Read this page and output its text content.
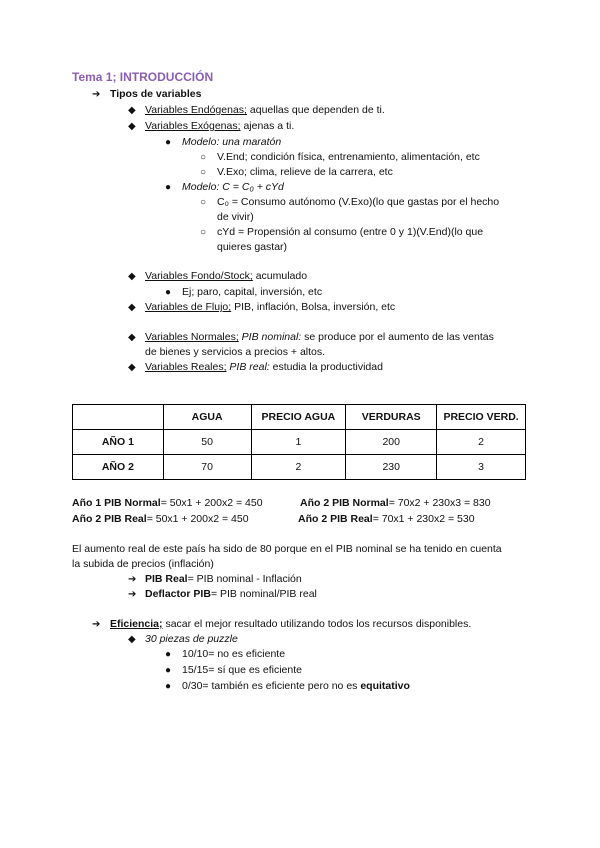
Tema 1; INTRODUCCIÓN
➔ Tipos de variables
◆ Variables Endógenas; aquellas que dependen de ti.
◆ Variables Exógenas; ajenas a ti.
● Modelo: una maratón
○ V.End; condición física, entrenamiento, alimentación, etc
○ V.Exo; clima, relieve de la carrera, etc
● Modelo: C = C₀ + cYd
○ C₀ = Consumo autónomo (V.Exo)(lo que gastas por el hecho
de vivir)
○ cYd = Propensión al consumo (entre 0 y 1)(V.End)(lo que
quieres gastar)
◆ Variables Fondo/Stock; acumulado
● Ej; paro, capital, inversión, etc
◆ Variables de Flujo; PIB, inflación, Bolsa, inversión, etc
◆ Variables Normales; PIB nominal: se produce por el aumento de las ventas
de bienes y servicios a precios + altos.
◆ Variables Reales; PIB real: estudia la productividad
	AGUA	PRECIO AGUA	VERDURAS	PRECIO VERD.
AÑO 1	50	1	200	2
AÑO 2	70	2	230	3
Año 1 PIB Normal= 50x1 + 200x2 = 450	Año 2 PIB Normal= 70x2 + 230x3 = 830
Año 2 PIB Real= 50x1 + 200x2 = 450	Año 2 PIB Real= 70x1 + 230x2 = 530
El aumento real de este país ha sido de 80 porque en el PIB nominal se ha tenido en cuenta
la subida de precios (inflación)
➔ PIB Real= PIB nominal - Inflación
➔ Deflactor PIB= PIB nominal/PIB real
➔ Eficiencia; sacar el mejor resultado utilizando todos los recursos disponibles.
◆ 30 piezas de puzzle
● 10/10= no es eficiente
● 15/15= sí que es eficiente
● 0/30= también es eficiente pero no es equitativo
